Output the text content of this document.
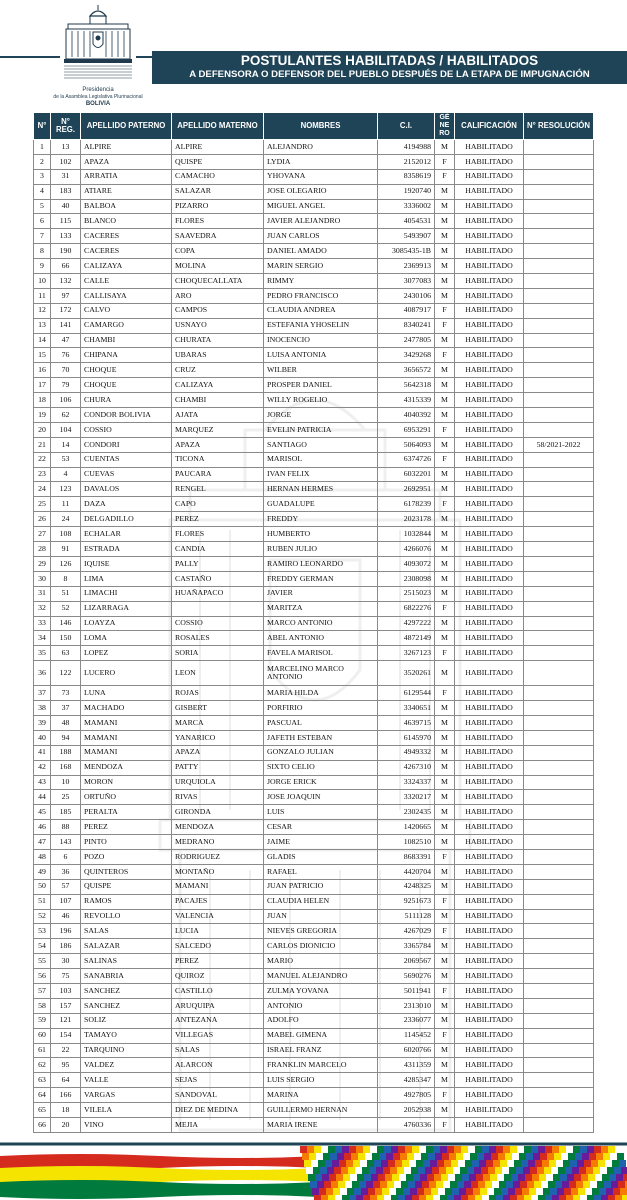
Presidencia
de la Asamblea Legislativa Plurinacional
BOLIVIA
POSTULANTES HABILITADAS / HABILITADOS
A DEFENSORA O DEFENSOR DEL PUEBLO DESPUÉS DE LA ETAPA DE IMPUGNACIÓN
N°	N° REG.	APELLIDO PATERNO	APELLIDO MATERNO	NOMBRES	C.I.	GÉ NE RO	CALIFICACIÓN	N° RESOLUCIÓN
1	13	ALPIRE	ALPIRE	ALEJANDRO	4194988	M	HABILITADO	
2	102	APAZA	QUISPE	LYDIA	2152012	F	HABILITADO	
3	31	ARRATIA	CAMACHO	YHOVANA	8358619	F	HABILITADO	
4	183	ATIARE	SALAZAR	JOSE OLEGARIO	1920740	M	HABILITADO	
5	40	BALBOA	PIZARRO	MIGUEL ANGEL	3336002	M	HABILITADO	
6	115	BLANCO	FLORES	JAVIER ALEJANDRO	4054531	M	HABILITADO	
7	133	CACERES	SAAVEDRA	JUAN CARLOS	5493907	M	HABILITADO	
8	190	CACERES	COPA	DANIEL AMADO	3085435-1B	M	HABILITADO	
9	66	CALIZAYA	MOLINA	MARIN SERGIO	2369913	M	HABILITADO	
10	132	CALLE	CHOQUECALLATA	RIMMY	3077083	M	HABILITADO	
11	97	CALLISAYA	ARO	PEDRO FRANCISCO	2430106	M	HABILITADO	
12	172	CALVO	CAMPOS	CLAUDIA ANDREA	4087917	F	HABILITADO	
13	141	CAMARGO	USNAYO	ESTEFANIA YHOSELIN	8340241	F	HABILITADO	
14	47	CHAMBI	CHURATA	INOCENCIO	2477805	M	HABILITADO	
15	76	CHIPANA	UBARAS	LUISA ANTONIA	3429268	F	HABILITADO	
16	70	CHOQUE	CRUZ	WILBER	3656572	M	HABILITADO	
17	79	CHOQUE	CALIZAYA	PROSPER DANIEL	5642318	M	HABILITADO	
18	106	CHURA	CHAMBI	WILLY ROGELIO	4315339	M	HABILITADO	
19	62	CONDOR BOLIVIA	AJATA	JORGE	4040392	M	HABILITADO	
20	104	COSSIO	MARQUEZ	EVELIN PATRICIA	6953291	F	HABILITADO	
21	14	CONDORI	APAZA	SANTIAGO	5064093	M	HABILITADO	58/2021-2022
22	53	CUENTAS	TICONA	MARISOL	6374726	F	HABILITADO	
23	4	CUEVAS	PAUCARA	IVAN FELIX	6032201	M	HABILITADO	
24	123	DAVALOS	RENGEL	HERNAN HERMES	2692951	M	HABILITADO	
25	11	DAZA	CAPO	GUADALUPE	6178239	F	HABILITADO	
26	24	DELGADILLO	PEREZ	FREDDY	2023178	M	HABILITADO	
27	108	ECHALAR	FLORES	HUMBERTO	1032844	M	HABILITADO	
28	91	ESTRADA	CANDIA	RUBEN JULIO	4266076	M	HABILITADO	
29	126	IQUISE	PALLY	RAMIRO LEONARDO	4093072	M	HABILITADO	
30	8	LIMA	CASTAÑO	FREDDY GERMAN	2308098	M	HABILITADO	
31	51	LIMACHI	HUAÑAPACO	JAVIER	2515023	M	HABILITADO	
32	52	LIZARRAGA		MARITZA	6822276	F	HABILITADO	
33	146	LOAYZA	COSSIO	MARCO ANTONIO	4297222	M	HABILITADO	
34	150	LOMA	ROSALES	ABEL ANTONIO	4872149	M	HABILITADO	
35	63	LOPEZ	SORIA	FAVELA MARISOL	3267123	F	HABILITADO	
36	122	LUCERO	LEON	MARCELINO MARCO ANTONIO	3520261	M	HABILITADO	
37	73	LUNA	ROJAS	MARIA HILDA	6129544	F	HABILITADO	
38	37	MACHADO	GISBERT	PORFIRIO	3340651	M	HABILITADO	
39	48	MAMANI	MARCA	PASCUAL	4639715	M	HABILITADO	
40	94	MAMANI	YANARICO	JAFETH ESTEBAN	6145970	M	HABILITADO	
41	188	MAMANI	APAZA	GONZALO JULIAN	4949332	M	HABILITADO	
42	168	MENDOZA	PATTY	SIXTO CELIO	4267310	M	HABILITADO	
43	10	MORON	URQUIOLA	JORGE ERICK	3324337	M	HABILITADO	
44	25	ORTUÑO	RIVAS	JOSE JOAQUIN	3320217	M	HABILITADO	
45	185	PERALTA	GIRONDA	LUIS	2302435	M	HABILITADO	
46	88	PEREZ	MENDOZA	CESAR	1420665	M	HABILITADO	
47	143	PINTO	MEDRANO	JAIME	1082510	M	HABILITADO	
48	6	POZO	RODRIGUEZ	GLADIS	8683391	F	HABILITADO	
49	36	QUINTEROS	MONTAÑO	RAFAEL	4420704	M	HABILITADO	
50	57	QUISPE	MAMANI	JUAN PATRICIO	4248325	M	HABILITADO	
51	107	RAMOS	PACAJES	CLAUDIA HELEN	9251673	F	HABILITADO	
52	46	REVOLLO	VALENCIA	JUAN	5111128	M	HABILITADO	
53	196	SALAS	LUCIA	NIEVES GREGORIA	4267029	F	HABILITADO	
54	186	SALAZAR	SALCEDO	CARLOS DIONICIO	3365784	M	HABILITADO	
55	30	SALINAS	PEREZ	MARIO	2069567	M	HABILITADO	
56	75	SANABRIA	QUIROZ	MANUEL ALEJANDRO	5690276	M	HABILITADO	
57	103	SANCHEZ	CASTILLO	ZULMA YOVANA	5011941	F	HABILITADO	
58	157	SANCHEZ	ARUQUIPA	ANTONIO	2313010	M	HABILITADO	
59	121	SOLIZ	ANTEZANA	ADOLFO	2336077	M	HABILITADO	
60	154	TAMAYO	VILLEGAS	MABEL GIMENA	1145452	F	HABILITADO	
61	22	TARQUINO	SALAS	ISRAEL FRANZ	6020766	M	HABILITADO	
62	95	VALDEZ	ALARCON	FRANKLIN MARCELO	4311359	M	HABILITADO	
63	64	VALLE	SEJAS	LUIS SERGIO	4285347	M	HABILITADO	
64	166	VARGAS	SANDOVAL	MARINA	4927805	F	HABILITADO	
65	18	VILELA	DIEZ DE MEDINA	GUILLERMO HERNAN	2052938	M	HABILITADO	
66	20	VINO	MEJIA	MARIA IRENE	4760336	F	HABILITADO	
